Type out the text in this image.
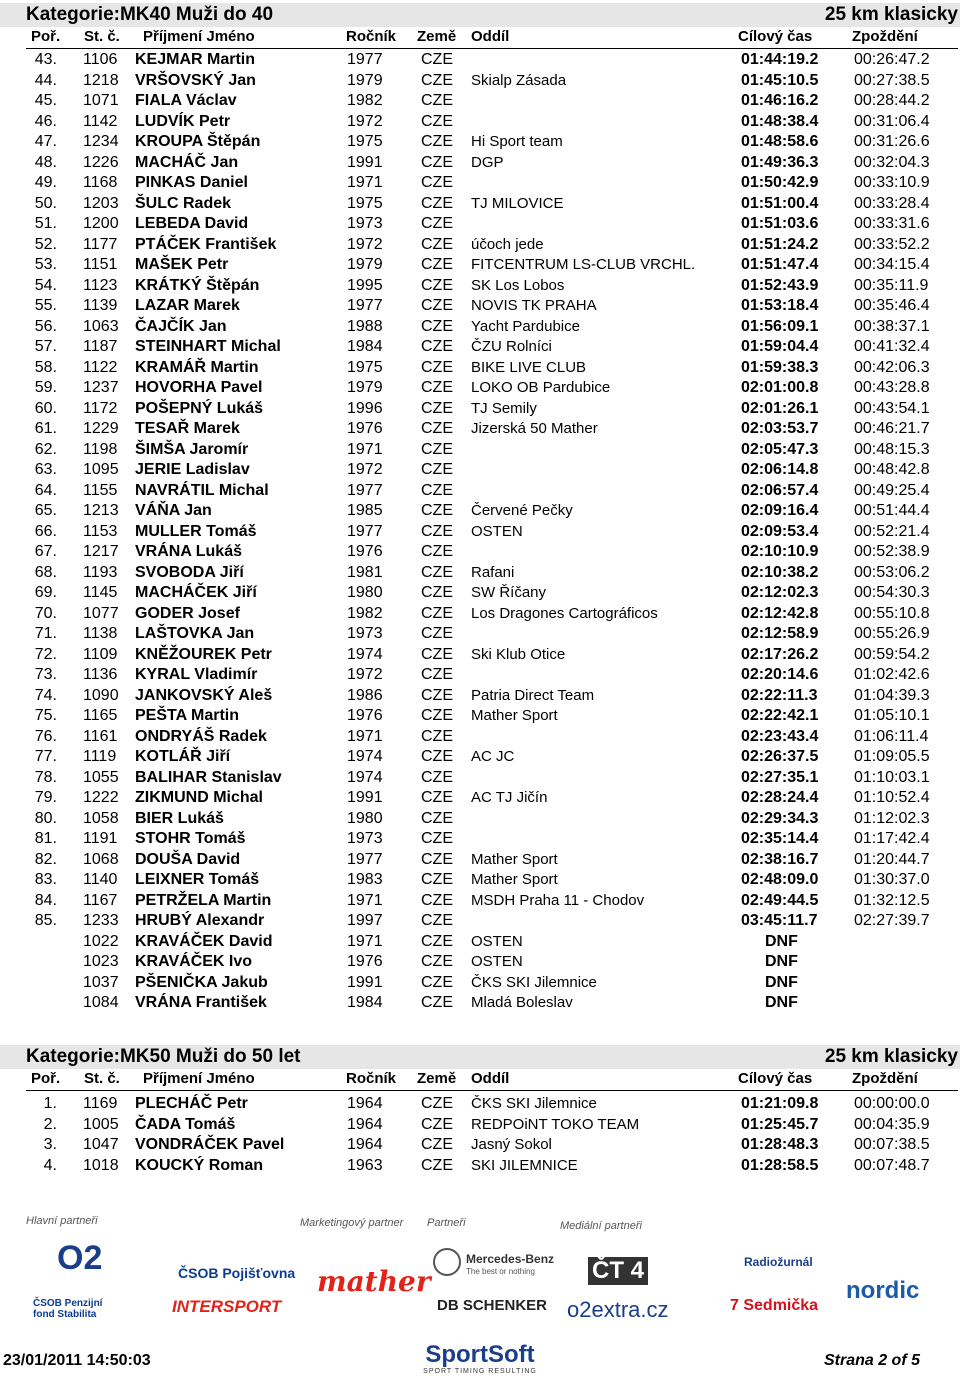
Kategorie:MK40 Muži do 40	25 km klasicky
Poř. St. č. Příjmení Jméno	Ročník Země Oddíl	Cílový čas	Zpoždění
43. 1106 KEJMAR Martin	1977 CZE	01:44:19.2 00:26:47.2
44. 1218 VRŠOVSKÝ Jan	1979 CZE Skialp Zásada	01:45:10.5 00:27:38.5
45. 1071 FIALA Václav	1982 CZE	01:46:16.2 00:28:44.2
46. 1142 LUDVÍK Petr	1972 CZE	01:48:38.4 00:31:06.4
47. 1234 KROUPA Štěpán	1975 CZE Hi Sport team	01:48:58.6 00:31:26.6
48. 1226 MACHÁČ Jan	1991 CZE DGP	01:49:36.3 00:32:04.3
49. 1168 PINKAS Daniel	1971 CZE	01:50:42.9 00:33:10.9
50. 1203 ŠULC Radek	1975 CZE TJ MILOVICE	01:51:00.4 00:33:28.4
51. 1200 LEBEDA David	1973 CZE	01:51:03.6 00:33:31.6
52. 1177 PTÁČEK František	1972 CZE účoch jede	01:51:24.2 00:33:52.2
53. 1151 MAŠEK Petr	1979 CZE FITCENTRUM LS-CLUB VRCHL.	01:51:47.4 00:34:15.4
54. 1123 KRÁTKÝ Štěpán	1995 CZE SK Los Lobos	01:52:43.9 00:35:11.9
55. 1139 LAZAR Marek	1977 CZE NOVIS TK PRAHA	01:53:18.4 00:35:46.4
56. 1063 ČAJČÍK Jan	1988 CZE Yacht Pardubice	01:56:09.1 00:38:37.1
57. 1187 STEINHART Michal	1984 CZE ČZU Rolníci	01:59:04.4 00:41:32.4
58. 1122 KRAMÁŘ Martin	1975 CZE BIKE LIVE CLUB	01:59:38.3 00:42:06.3
59. 1237 HOVORHA Pavel	1979 CZE LOKO OB Pardubice	02:01:00.8 00:43:28.8
60. 1172 POŠEPNÝ Lukáš	1996 CZE TJ Semily	02:01:26.1 00:43:54.1
61. 1229 TESAŘ Marek	1976 CZE Jizerská 50 Mather	02:03:53.7 00:46:21.7
62. 1198 ŠIMŠA Jaromír	1971 CZE	02:05:47.3 00:48:15.3
63. 1095 JERIE Ladislav	1972 CZE	02:06:14.8 00:48:42.8
64. 1155 NAVRÁTIL Michal	1977 CZE	02:06:57.4 00:49:25.4
65. 1213 VÁŇA Jan	1985 CZE Červené Pečky	02:09:16.4 00:51:44.4
66. 1153 MULLER Tomáš	1977 CZE OSTEN	02:09:53.4 00:52:21.4
67. 1217 VRÁNA Lukáš	1976 CZE	02:10:10.9 00:52:38.9
68. 1193 SVOBODA Jiří	1981 CZE Rafani	02:10:38.2 00:53:06.2
69. 1145 MACHÁČEK Jiří	1980 CZE SW Říčany	02:12:02.3 00:54:30.3
70. 1077 GODER Josef	1982 CZE Los Dragones Cartográficos	02:12:42.8 00:55:10.8
71. 1138 LAŠTOVKA Jan	1973 CZE	02:12:58.9 00:55:26.9
72. 1109 KNĚŽOUREK Petr	1974 CZE Ski Klub Otice	02:17:26.2 00:59:54.2
73. 1136 KYRAL Vladimír	1972 CZE	02:20:14.6 01:02:42.6
74. 1090 JANKOVSKÝ Aleš	1986 CZE Patria Direct Team	02:22:11.3 01:04:39.3
75. 1165 PEŠTA Martin	1976 CZE Mather Sport	02:22:42.1 01:05:10.1
76. 1161 ONDRYÁŠ Radek	1971 CZE	02:23:43.4 01:06:11.4
77. 1119 KOTLÁŘ Jiří	1974 CZE AC JC	02:26:37.5 01:09:05.5
78. 1055 BALIHAR Stanislav	1974 CZE	02:27:35.1 01:10:03.1
79. 1222 ZIKMUND Michal	1991 CZE AC TJ Jičín	02:28:24.4 01:10:52.4
80. 1058 BIER Lukáš	1980 CZE	02:29:34.3 01:12:02.3
81. 1191 STOHR Tomáš	1973 CZE	02:35:14.4 01:17:42.4
82. 1068 DOUŠA David	1977 CZE Mather Sport	02:38:16.7 01:20:44.7
83. 1140 LEIXNER Tomáš	1983 CZE Mather Sport	02:48:09.0 01:30:37.0
84. 1167 PETRŽELA Martin	1971 CZE MSDH Praha 11 - Chodov	02:49:44.5 01:32:12.5
85. 1233 HRUBÝ Alexandr	1997 CZE	03:45:11.7 02:27:39.7
1022 KRAVÁČEK David	1971 CZE OSTEN	DNF
1023 KRAVÁČEK Ivo	1976 CZE OSTEN	DNF
1037 PŠENIČKA Jakub	1991 CZE ČKS SKI Jilemnice	DNF
1084 VRÁNA František	1984 CZE Mladá Boleslav	DNF
Kategorie:MK50 Muži do 50 let	25 km klasicky
Poř. St. č. Příjmení Jméno	Ročník Země Oddíl	Cílový čas	Zpoždění
1. 1169 PLECHÁČ Petr	1964 CZE ČKS SKI Jilemnice	01:21:09.8 00:00:00.0
2. 1005 ČADA Tomáš	1964 CZE REDPOiNT TOKO TEAM	01:25:45.7 00:04:35.9
3. 1047 VONDRÁČEK Pavel	1964 CZE Jasný Sokol	01:28:48.3 00:07:38.5
4. 1018 KOUCKÝ Roman	1963 CZE SKI JILEMNICE	01:28:58.5 00:07:48.7
Hlavní partneři	Marketingový partner Partneři	Mediální partneři
O2	ČSOB Pojišťovna
ČSOB Penzijní fond Stabilita	INTERSPORT
mather
Mercedes-Benz
The best or nothing
DB SCHENKER
ČT 4
o2extra.cz
Radiožurnál
7 Sedmička
nordic
23/01/2011 14:50:03	SportSoft
SPORT TIMING RESULTING
Strana 2 of 5
